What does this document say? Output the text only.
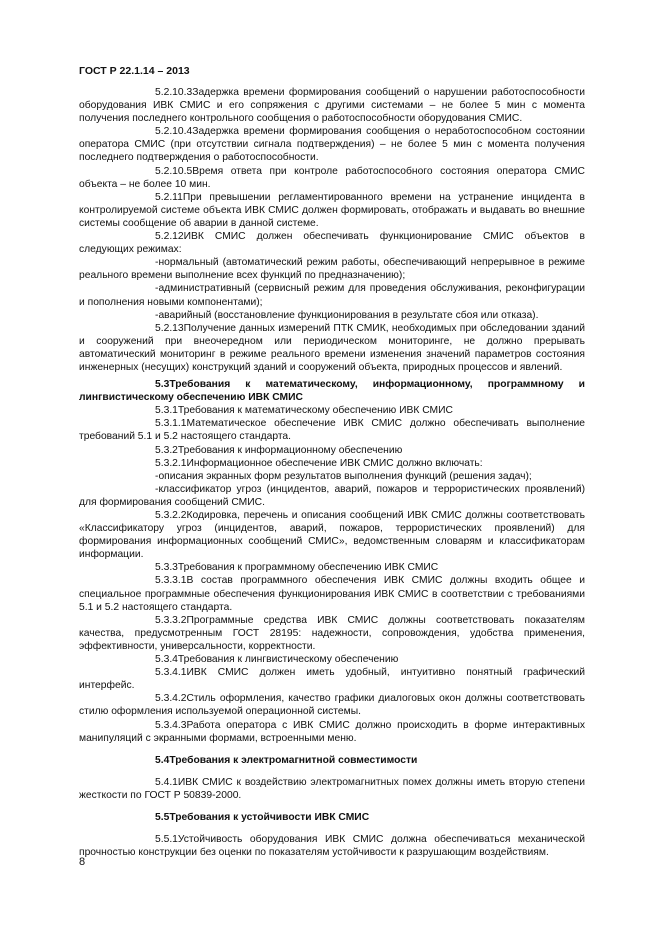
ГОСТ Р 22.1.14 – 2013

5.2.10.3Задержка времени формирования сообщений о нарушении работоспособности оборудования ИВК СМИС и его сопряжения с другими системами – не более 5 мин с момента получения последнего контрольного сообщения о работоспособности оборудования СМИС.

5.2.10.4Задержка времени формирования сообщения о неработоспособном состоянии оператора СМИС (при отсутствии сигнала подтверждения) – не более 5 мин с момента получения последнего подтверждения о работоспособности.

5.2.10.5Время ответа при контроле работоспособного состояния оператора СМИС объекта – не более 10 мин.

5.2.11При превышении регламентированного времени на устранение инцидента в контролируемой системе объекта ИВК СМИС должен формировать, отображать и выдавать во внешние системы сообщение об аварии в данной системе.

5.2.12ИВК СМИС должен обеспечивать функционирование СМИС объектов в следующих режимах:

-нормальный (автоматический режим работы, обеспечивающий непрерывное в режиме реального времени выполнение всех функций по предназначению);

-административный (сервисный режим для проведения обслуживания, реконфигурации и пополнения новыми компонентами);

-аварийный (восстановление функционирования в результате сбоя или отказа).

5.2.13Получение данных измерений ПТК СМИК, необходимых при обследовании зданий и сооружений при внеочередном или периодическом мониторинге, не должно прерывать автоматический мониторинг в режиме реального времени изменения значений параметров состояния инженерных (несущих) конструкций зданий и сооружений объекта, природных процессов и явлений.

5.3Требования к математическому, информационному, программному и лингвистическому обеспечению ИВК СМИС

5.3.1Требования к математическому обеспечению ИВК СМИС

5.3.1.1Математическое обеспечение ИВК СМИС должно обеспечивать выполнение требований 5.1 и 5.2 настоящего стандарта.

5.3.2Требования к информационному обеспечению

5.3.2.1Информационное обеспечение ИВК СМИС должно включать:

-описания экранных форм результатов выполнения функций (решения задач);

-классификатор угроз (инцидентов, аварий, пожаров и террористических проявлений) для формирования сообщений СМИС.

5.3.2.2Кодировка, перечень и описания сообщений ИВК СМИС должны соответствовать «Классификатору угроз (инцидентов, аварий, пожаров, террористических проявлений) для формирования информационных сообщений СМИС», ведомственным словарям и классификаторам информации.

5.3.3Требования к программному обеспечению ИВК СМИС

5.3.3.1В состав программного обеспечения ИВК СМИС должны входить общее и специальное программные обеспечения функционирования ИВК СМИС в соответствии с требованиями 5.1 и 5.2 настоящего стандарта.

5.3.3.2Программные средства ИВК СМИС должны соответствовать показателям качества, предусмотренным ГОСТ 28195: надежности, сопровождения, удобства применения, эффективности, универсальности, корректности.

5.3.4Требования к лингвистическому обеспечению

5.3.4.1ИВК СМИС должен иметь удобный, интуитивно понятный графический интерфейс.

5.3.4.2Стиль оформления, качество графики диалоговых окон должны соответствовать стилю оформления используемой операционной системы.

5.3.4.3Работа оператора с ИВК СМИС должно происходить в форме интерактивных манипуляций с экранными формами, встроенными меню.

5.4Требования к электромагнитной совместимости

5.4.1ИВК СМИС к воздействию электромагнитных помех должны иметь вторую степени жесткости по ГОСТ Р 50839-2000.

5.5Требования к устойчивости ИВК СМИС

5.5.1Устойчивость оборудования ИВК СМИС должна обеспечиваться механической прочностью конструкции без оценки по показателям устойчивости к разрушающим воздействиям.

8
